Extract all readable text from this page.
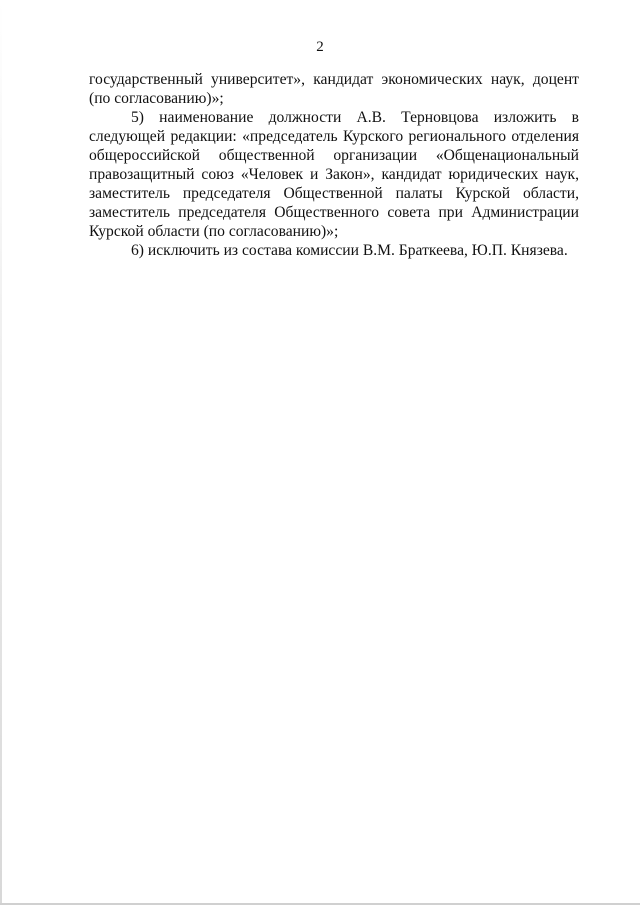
2

государственный университет», кандидат экономических наук, доцент (по согласованию)»;

5) наименование должности А.В. Терновцова изложить в следующей редакции: «председатель Курского регионального отделения общероссийской общественной организации «Общенациональный правозащитный союз «Человек и Закон», кандидат юридических наук, заместитель председателя Общественной палаты Курской области, заместитель председателя Общественного совета при Администрации Курской области (по согласованию)»;

6) исключить из состава комиссии В.М. Браткеева, Ю.П. Князева.
